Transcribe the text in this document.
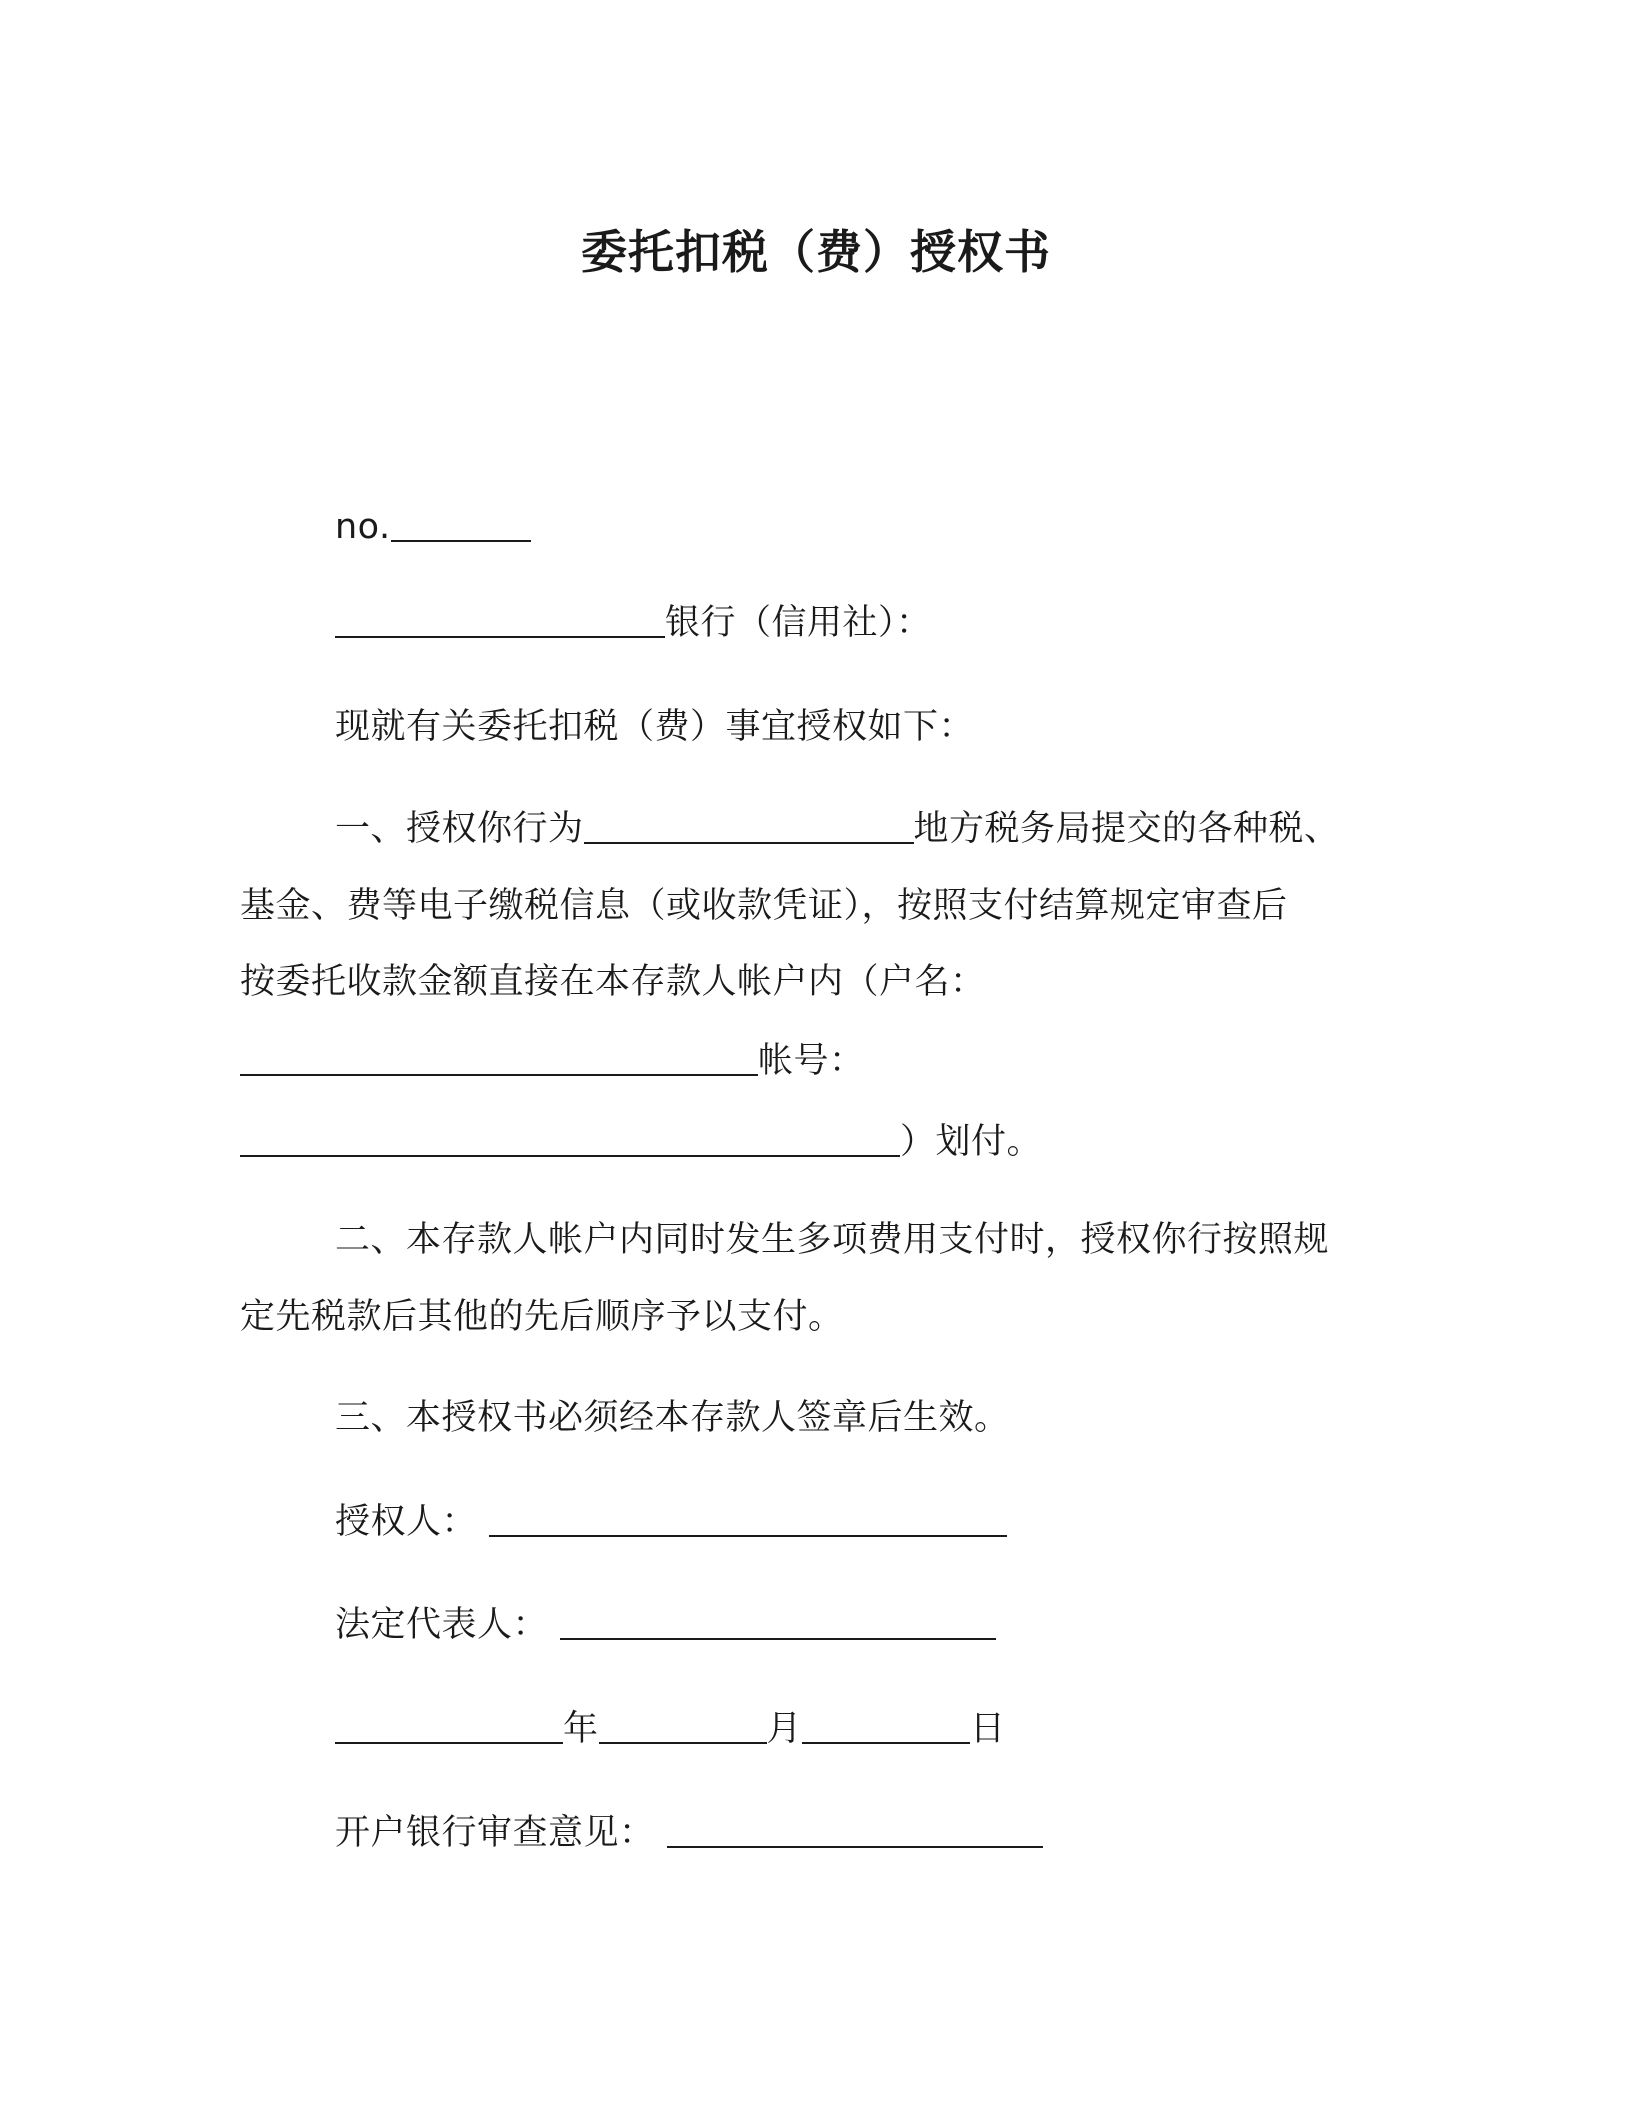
委托扣税（费）授权书
no.
银行（信用社）：
现就有关委托扣税（费）事宜授权如下：
一、授权你行为	地方税务局提交的各种税、
基金、费等电子缴税信息（或收款凭证），按照支付结算规定审查后
按委托收款金额直接在本存款人帐户内（户名：
帐号：
）划付。
二、本存款人帐户内同时发生多项费用支付时，授权你行按照规
定先税款后其他的先后顺序予以支付。
三、本授权书必须经本存款人签章后生效。
授权人：
法定代表人：
年	月	日
开户银行审查意见：
